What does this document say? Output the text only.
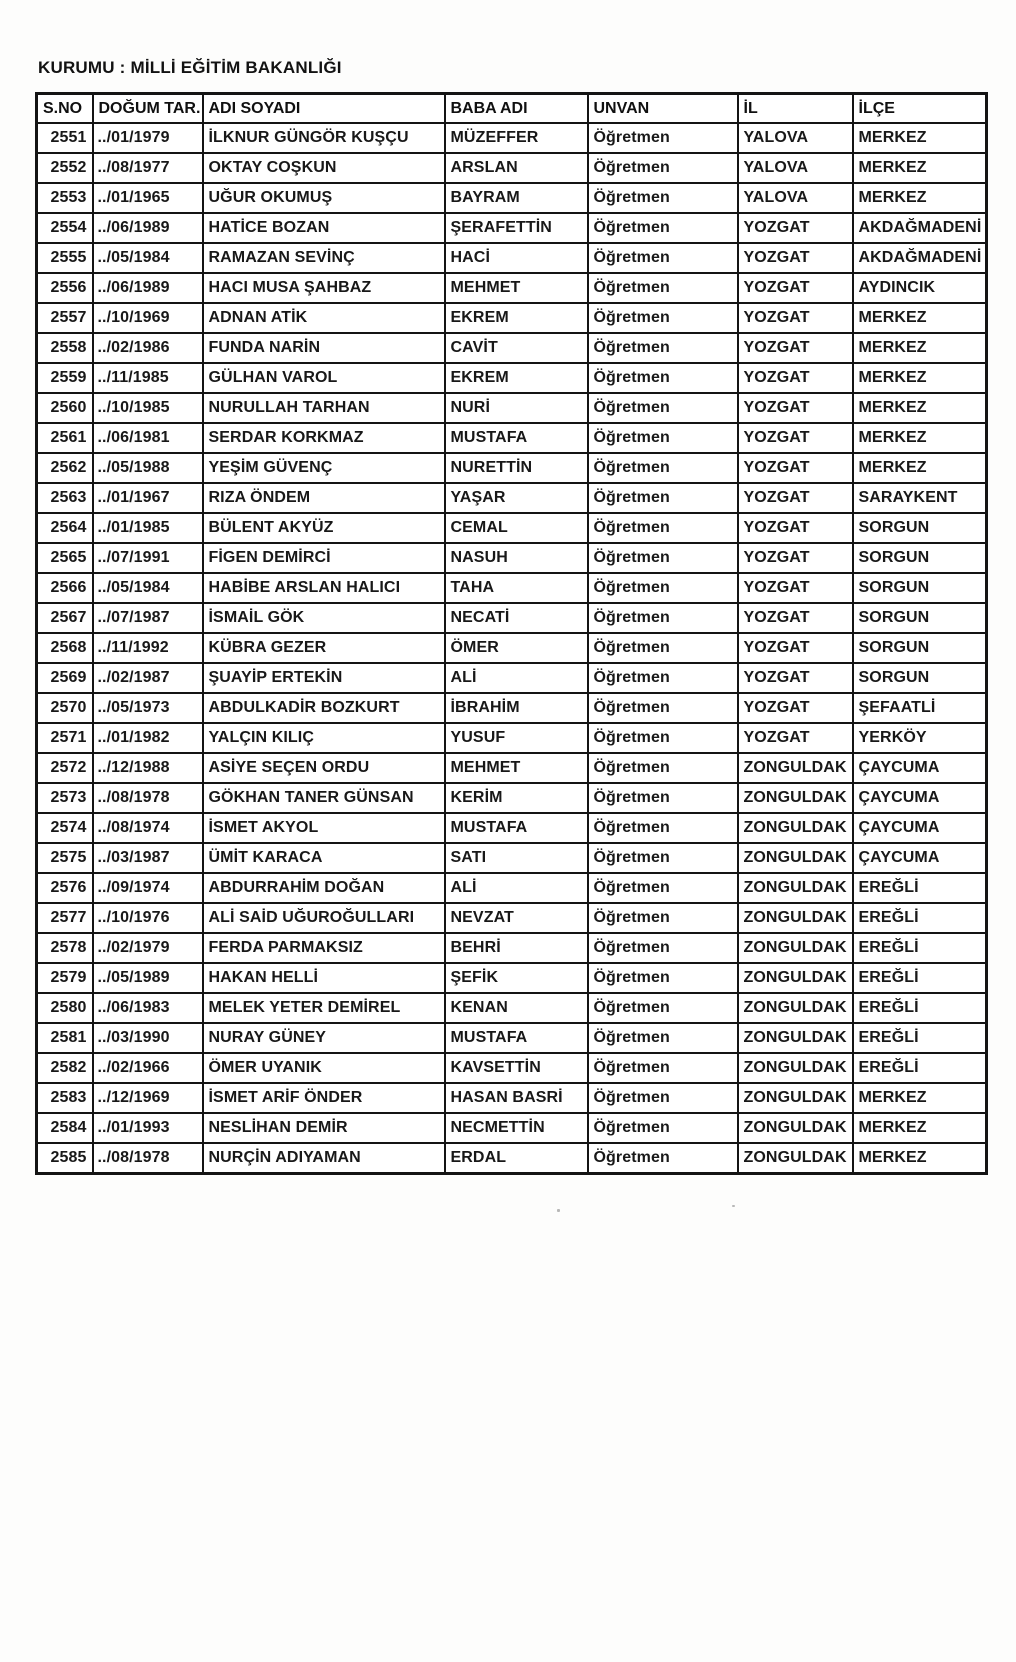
KURUMU : MİLLİ EĞİTİM BAKANLIĞI
S.NO	DOĞUM TAR.	ADI SOYADI	BABA ADI	UNVAN	İL	İLÇE
2551	../01/1979	İLKNUR GÜNGÖR KUŞÇU	MÜZEFFER	Öğretmen	YALOVA	MERKEZ
2552	../08/1977	OKTAY COŞKUN	ARSLAN	Öğretmen	YALOVA	MERKEZ
2553	../01/1965	UĞUR OKUMUŞ	BAYRAM	Öğretmen	YALOVA	MERKEZ
2554	../06/1989	HATİCE BOZAN	ŞERAFETTİN	Öğretmen	YOZGAT	AKDAĞMADENİ
2555	../05/1984	RAMAZAN SEVİNÇ	HACİ	Öğretmen	YOZGAT	AKDAĞMADENİ
2556	../06/1989	HACI MUSA ŞAHBAZ	MEHMET	Öğretmen	YOZGAT	AYDINCIK
2557	../10/1969	ADNAN ATİK	EKREM	Öğretmen	YOZGAT	MERKEZ
2558	../02/1986	FUNDA NARİN	CAVİT	Öğretmen	YOZGAT	MERKEZ
2559	../11/1985	GÜLHAN VAROL	EKREM	Öğretmen	YOZGAT	MERKEZ
2560	../10/1985	NURULLAH TARHAN	NURİ	Öğretmen	YOZGAT	MERKEZ
2561	../06/1981	SERDAR KORKMAZ	MUSTAFA	Öğretmen	YOZGAT	MERKEZ
2562	../05/1988	YEŞİM GÜVENÇ	NURETTİN	Öğretmen	YOZGAT	MERKEZ
2563	../01/1967	RIZA ÖNDEM	YAŞAR	Öğretmen	YOZGAT	SARAYKENT
2564	../01/1985	BÜLENT AKYÜZ	CEMAL	Öğretmen	YOZGAT	SORGUN
2565	../07/1991	FİGEN DEMİRCİ	NASUH	Öğretmen	YOZGAT	SORGUN
2566	../05/1984	HABİBE ARSLAN HALICI	TAHA	Öğretmen	YOZGAT	SORGUN
2567	../07/1987	İSMAİL GÖK	NECATİ	Öğretmen	YOZGAT	SORGUN
2568	../11/1992	KÜBRA GEZER	ÖMER	Öğretmen	YOZGAT	SORGUN
2569	../02/1987	ŞUAYİP ERTEKİN	ALİ	Öğretmen	YOZGAT	SORGUN
2570	../05/1973	ABDULKADİR BOZKURT	İBRAHİM	Öğretmen	YOZGAT	ŞEFAATLİ
2571	../01/1982	YALÇIN KILIÇ	YUSUF	Öğretmen	YOZGAT	YERKÖY
2572	../12/1988	ASİYE SEÇEN ORDU	MEHMET	Öğretmen	ZONGULDAK	ÇAYCUMA
2573	../08/1978	GÖKHAN TANER GÜNSAN	KERİM	Öğretmen	ZONGULDAK	ÇAYCUMA
2574	../08/1974	İSMET AKYOL	MUSTAFA	Öğretmen	ZONGULDAK	ÇAYCUMA
2575	../03/1987	ÜMİT KARACA	SATI	Öğretmen	ZONGULDAK	ÇAYCUMA
2576	../09/1974	ABDURRAHİM DOĞAN	ALİ	Öğretmen	ZONGULDAK	EREĞLİ
2577	../10/1976	ALİ SAİD UĞUROĞULLARI	NEVZAT	Öğretmen	ZONGULDAK	EREĞLİ
2578	../02/1979	FERDA PARMAKSIZ	BEHRİ	Öğretmen	ZONGULDAK	EREĞLİ
2579	../05/1989	HAKAN HELLİ	ŞEFİK	Öğretmen	ZONGULDAK	EREĞLİ
2580	../06/1983	MELEK YETER DEMİREL	KENAN	Öğretmen	ZONGULDAK	EREĞLİ
2581	../03/1990	NURAY GÜNEY	MUSTAFA	Öğretmen	ZONGULDAK	EREĞLİ
2582	../02/1966	ÖMER UYANIK	KAVSETTİN	Öğretmen	ZONGULDAK	EREĞLİ
2583	../12/1969	İSMET ARİF ÖNDER	HASAN BASRİ	Öğretmen	ZONGULDAK	MERKEZ
2584	../01/1993	NESLİHAN DEMİR	NECMETTİN	Öğretmen	ZONGULDAK	MERKEZ
2585	../08/1978	NURÇİN ADIYAMAN	ERDAL	Öğretmen	ZONGULDAK	MERKEZ
